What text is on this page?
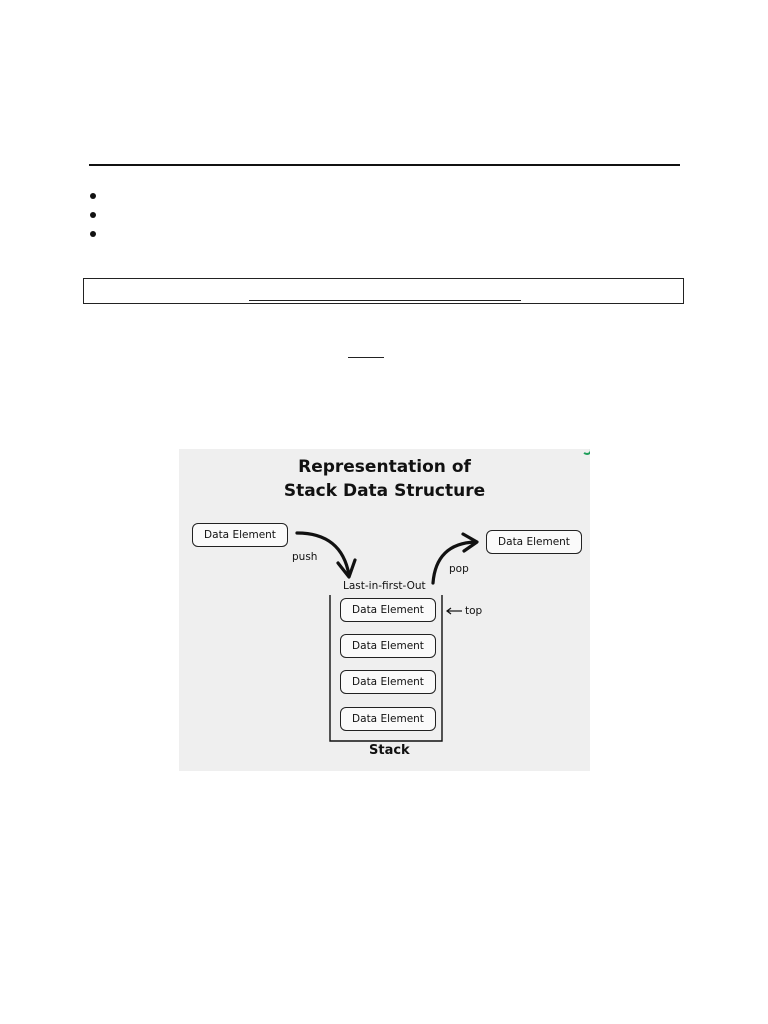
Representation of
Stack Data Structure
Data Element
Data Element
push
pop
Last-in-first-Out
top
Data Element
Data Element
Data Element
Data Element
Stack
